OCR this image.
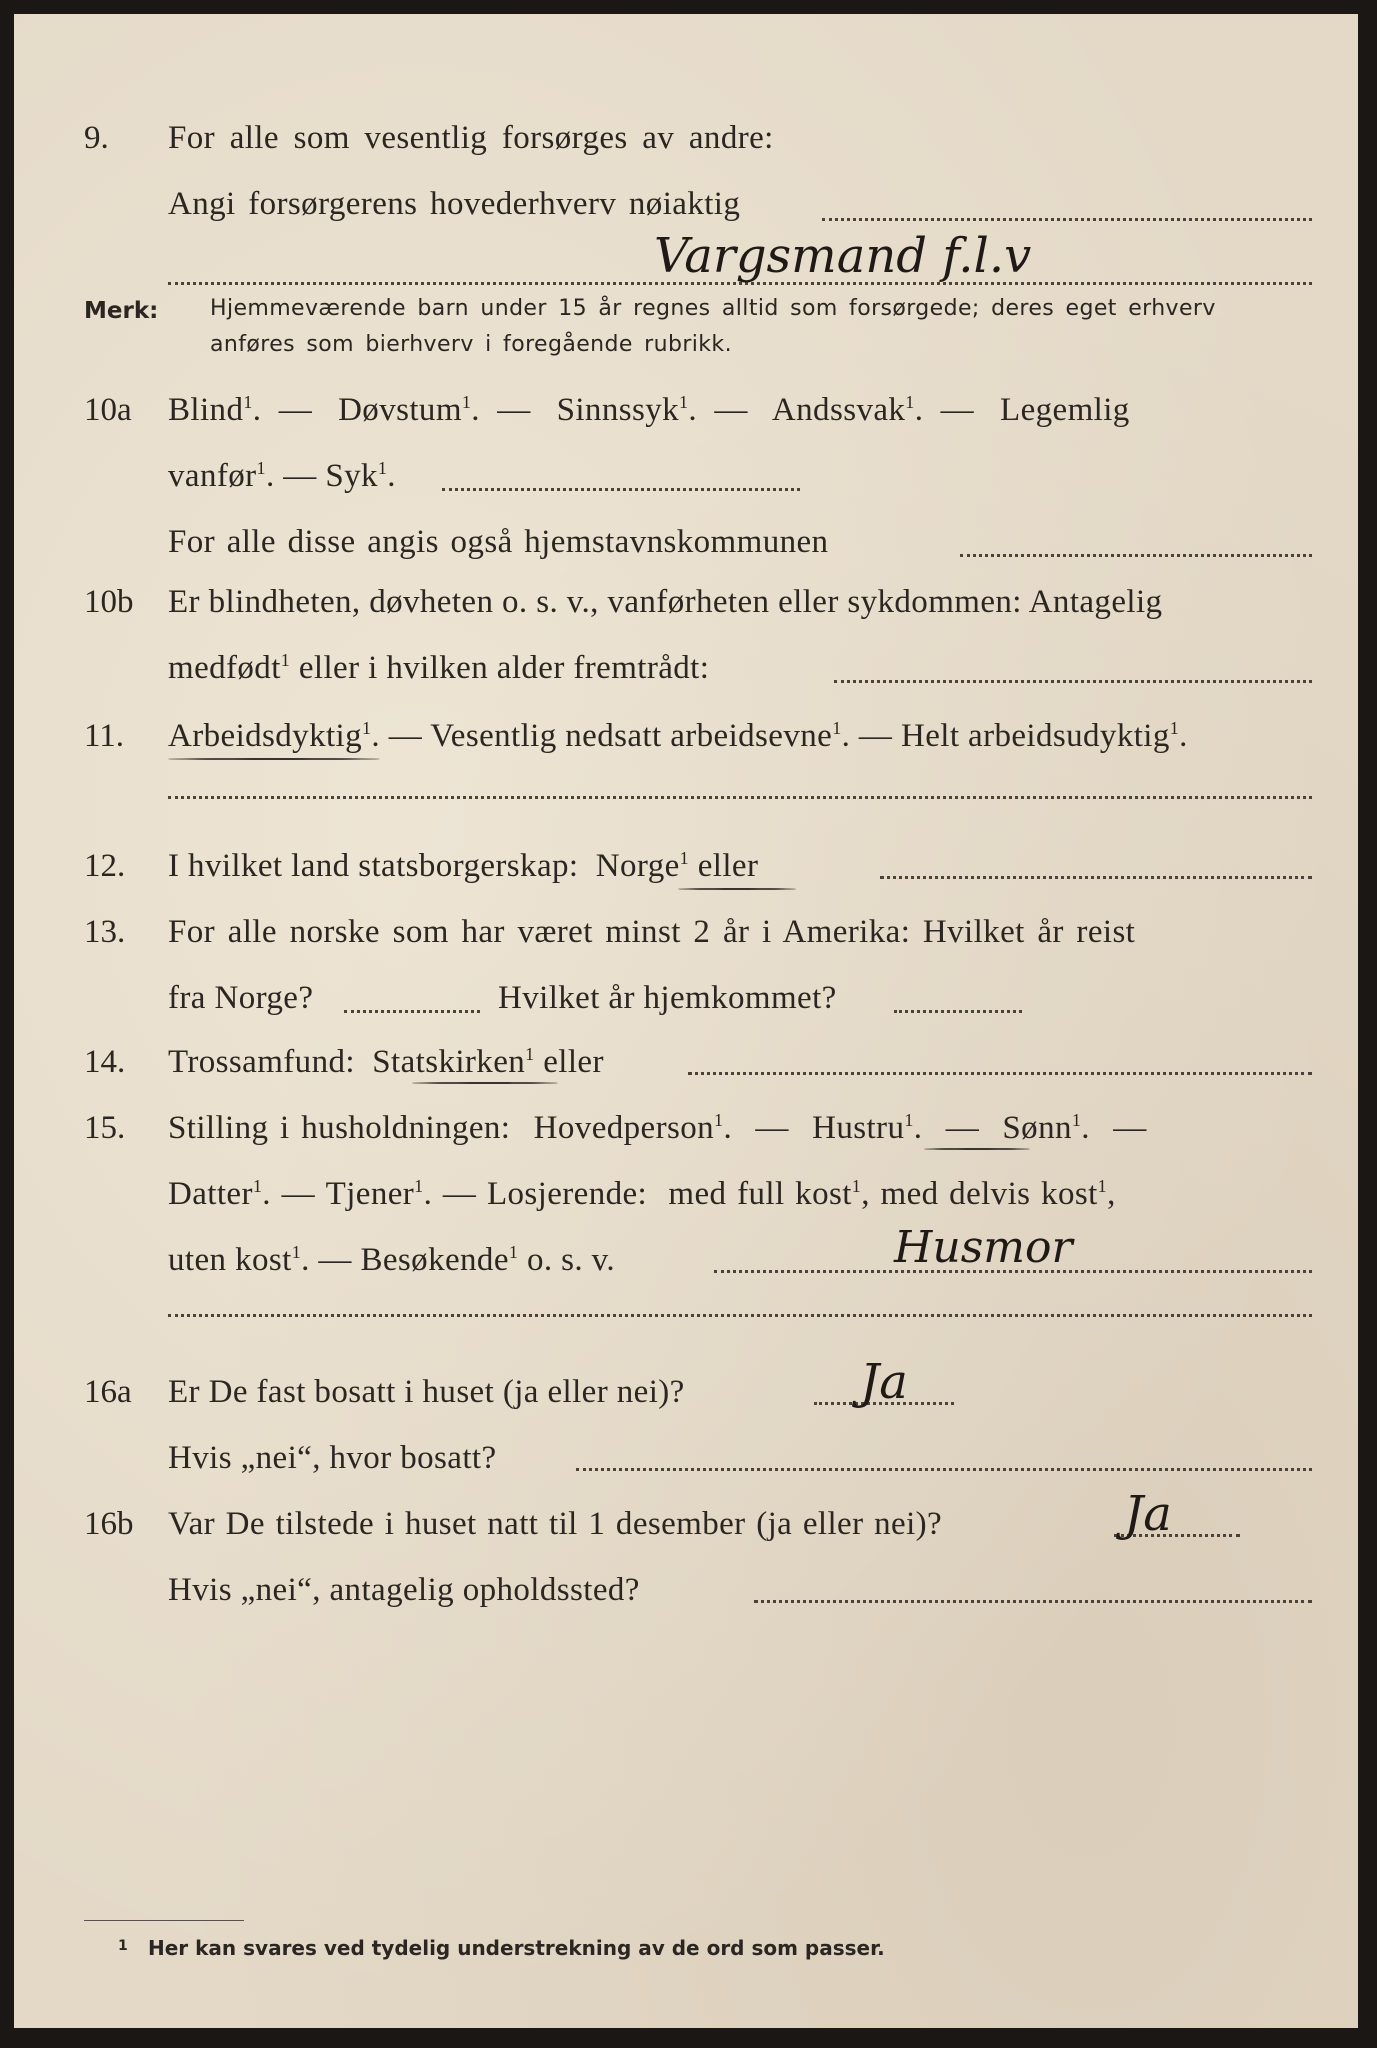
9. For alle som vesentlig forsørges av andre:
Angi forsørgerens hovederhverv nøiaktig
Vargsmand f.l.v
Merk: Hjemmeværende barn under 15 år regnes alltid som forsørgede; deres eget erhverv
anføres som bierhverv i foregående rubrikk.
10a Blind$^1$.  — Døvstum$^1$.  — Sinnssyk$^1$.  — Andssvak$^1$.  — Legemlig
vanfør$^1$. — Syk$^1$.
For alle disse angis også hjemstavnskommunen
10b Er blindheten, døvheten o. s. v., vanførheten eller sykdommen: Antagelig
medfødt$^1$ eller i hvilken alder fremtrådt:
11. Arbeidsdyktig$^1$. — Vesentlig nedsatt arbeidsevne$^1$. — Helt arbeidsudyktig$^1$.
12. I hvilket land statsborgerskap: Norge$^1$ eller
13. For alle norske som har været minst 2 år i Amerika: Hvilket år reist
fra Norge?	Hvilket år hjemkommet?
14. Trossamfund: Statskirken$^1$ eller
15. Stilling i husholdningen: Hovedperson$^1$.  — Hustru$^1$.  — Sønn$^1$.  —
Datter$^1$. — Tjener$^1$. — Losjerende: med full kost$^1$, med delvis kost$^1$,
uten kost$^1$. — Besøkende$^1$ o. s. v.	Husmor
16a Er De fast bosatt i huset (ja eller nei)?	Ja
Hvis „nei“, hvor bosatt?
16b Var De tilstede i huset natt til 1 desember (ja eller nei)?	Ja
Hvis „nei“, antagelig opholdssted?
1 Her kan svares ved tydelig understrekning av de ord som passer.
